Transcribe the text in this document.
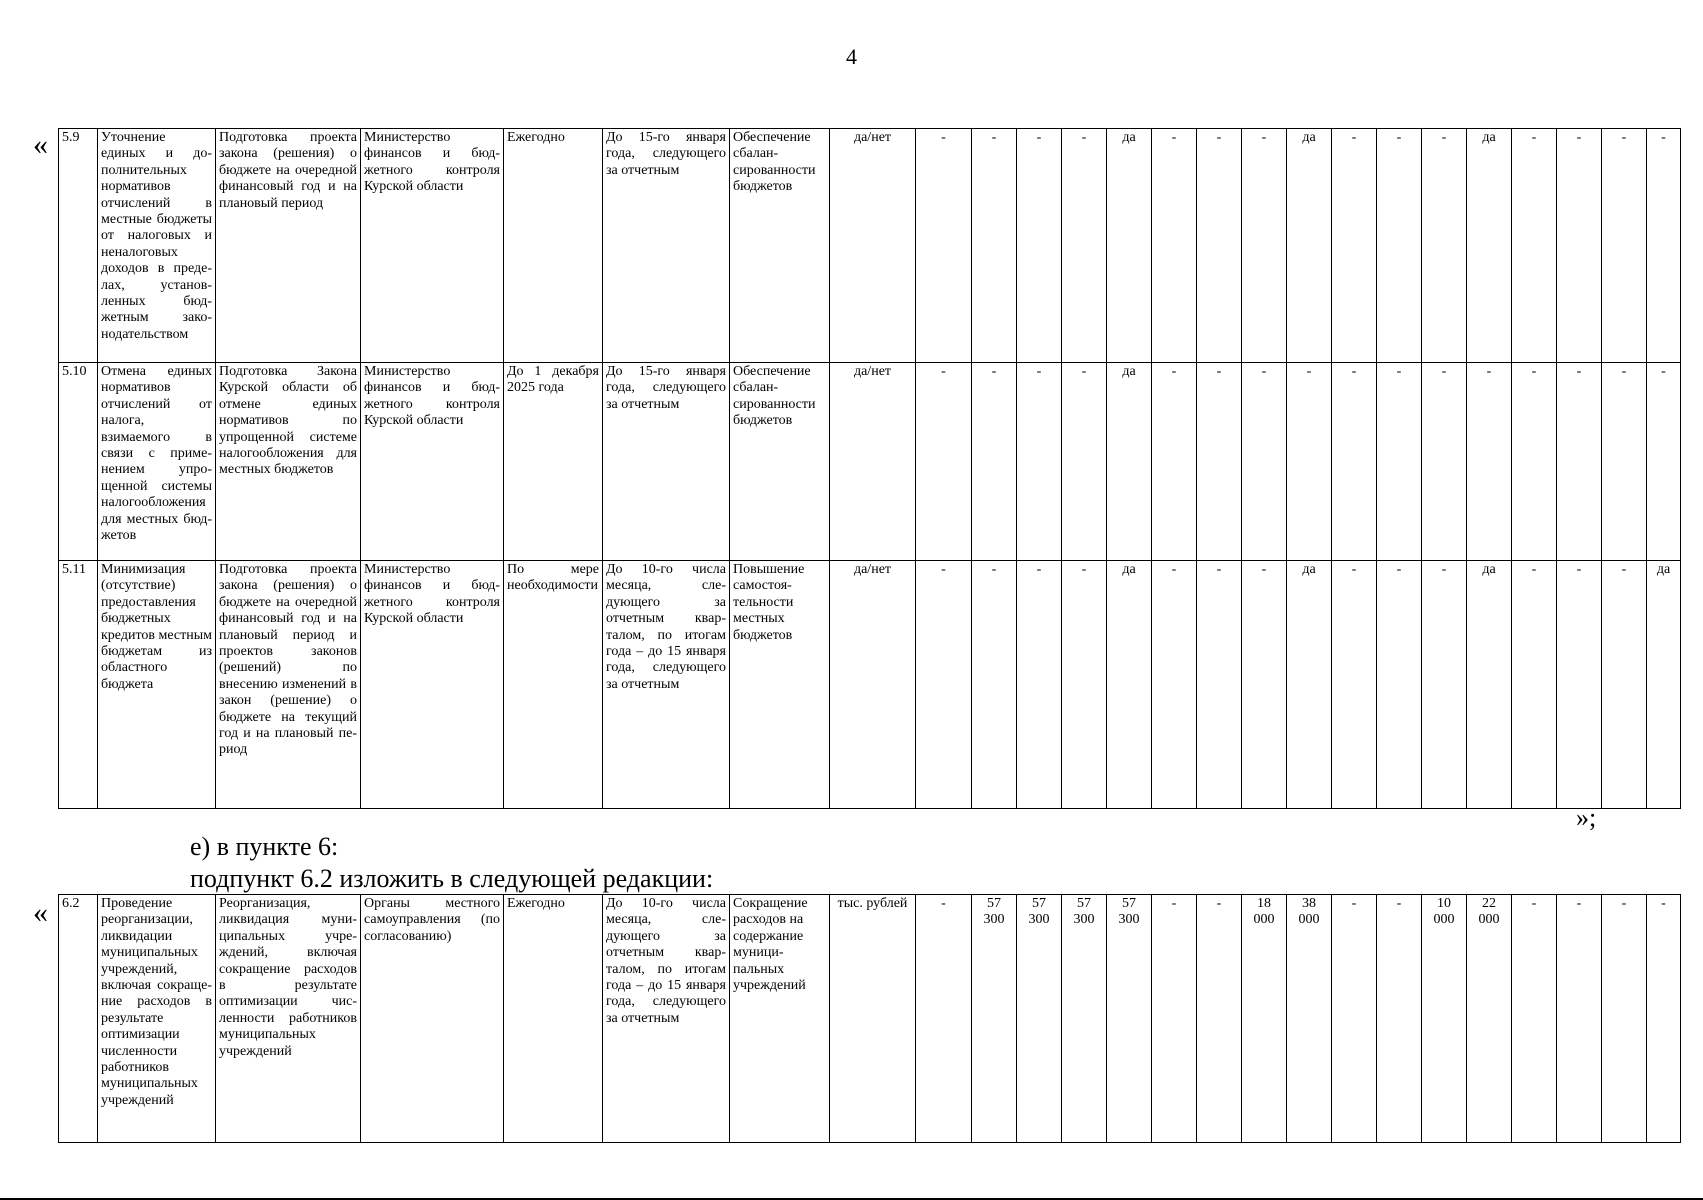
4
« 5.9	Уточнение единых и дополнительных нормативов отчислений в местные бюджеты от налоговых и неналоговых доходов в пределах, установленных бюджетным законодательством	Подготовка проекта закона (решения) о бюджете на очередной финансовый год и на плановый период	Министерство финансов и бюджетного контроля Курской области	Ежегодно	До 15-го января года, следующего за отчетным	Обеспечение сбалансированности бюджетов	да/нет	-	-	-	-	да	-	-	-	да	-	-	-	да	-	-	-	-
5.10	Отмена единых нормативов отчислений от налога, взимаемого в связи с применением упрощенной системы налогообложения для местных бюджетов	Подготовка Закона Курской области об отмене единых нормативов по упрощенной системе налогообложения для местных бюджетов	Министерство финансов и бюджетного контроля Курской области	До 1 декабря 2025 года	До 15-го января года, следующего за отчетным	Обеспечение сбалансированности бюджетов	да/нет	-	-	-	-	да	-	-	-	-	-	-	-	-	-	-	-	-
5.11	Минимизация (отсутствие) предоставления бюджетных кредитов местным бюджетам из областного бюджета	Подготовка проекта закона (решения) о бюджете на очередной финансовый год и на плановый период и проектов законов (решений) по внесению изменений в закон (решение) о бюджете на текущий год и на плановый период	Министерство финансов и бюджетного контроля Курской области	По мере необходимости	До 10-го числа месяца, следующего за отчетным кварталом, по итогам года – до 15 января года, следующего за отчетным	Повышение самостоятельности местных бюджетов	да/нет	-	-	-	-	да	-	-	-	да	-	-	-	да	-	-	-	да
»;
е) в пункте 6:
подпункт 6.2 изложить в следующей редакции:
« 6.2	Проведение реорганизации, ликвидации муниципальных учреждений, включая сокращение расходов в результате оптимизации численности работников муниципальных учреждений	Реорганизация, ликвидация муниципальных учреждений, включая сокращение расходов в результате оптимизации численности работников муниципальных учреждений	Органы местного самоуправления (по согласованию)	Ежегодно	До 10-го числа месяца, следующего за отчетным кварталом, по итогам года – до 15 января года, следующего за отчетным	Сокращение расходов на содержание муниципальных учреждений	тыс. рублей	-	57 300	57 300	57 300	57 300	-	-	18 000	38 000	-	-	10 000	22 000	-	-	-	-
